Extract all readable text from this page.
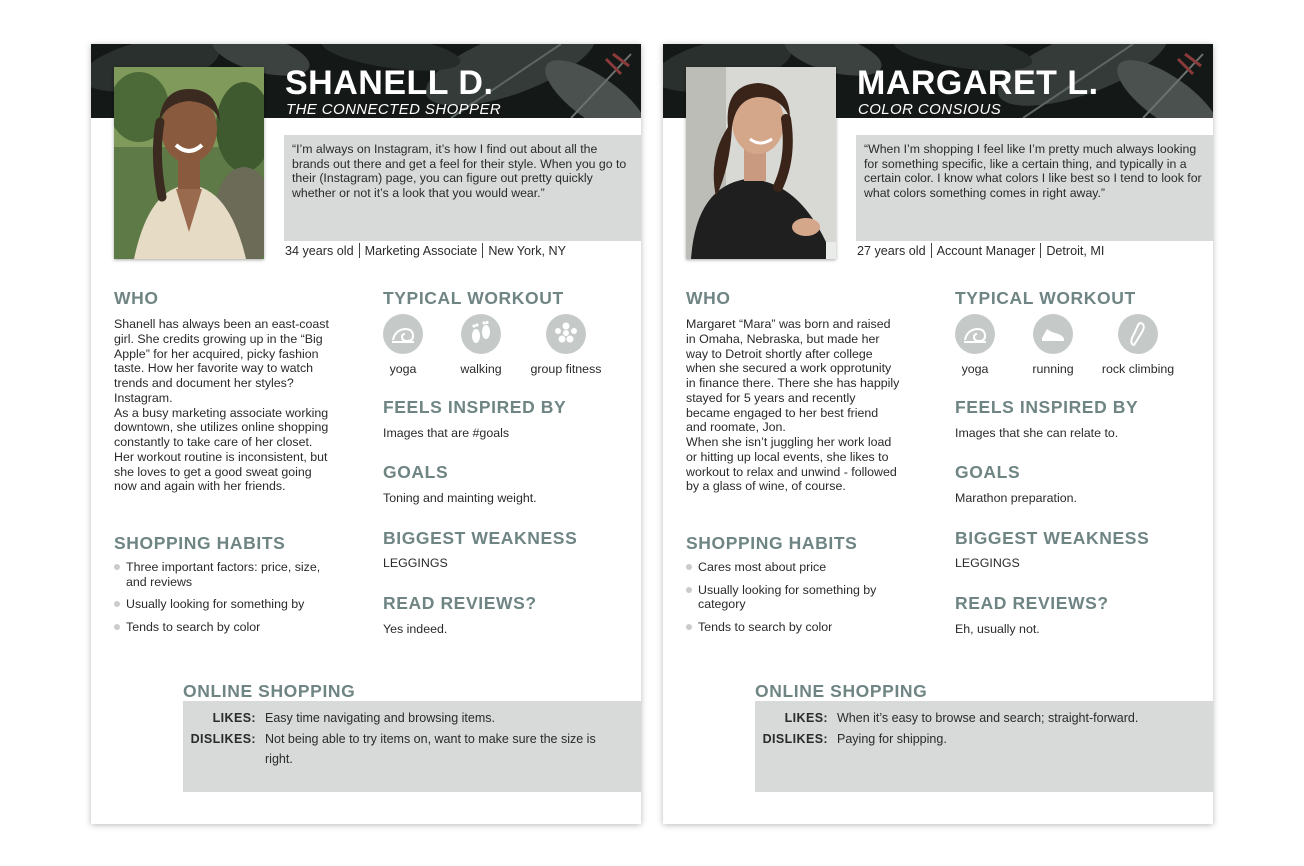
SHANELL D.
THE CONNECTED SHOPPER
“I’m always on Instagram, it’s how I find out about all the brands out there and get a feel for their style. When you go to their (Instagram) page, you can figure out pretty quickly whether or not it’s a look that you would wear.”
34 years old Marketing Associate New York, NY
WHO
Shanell has always been an east-coast girl. She credits growing up in the “Big Apple” for her acquired, picky fashion taste. How her favorite way to watch trends and document her styles? Instagram.
As a busy marketing associate working downtown, she utilizes online shopping constantly to take care of her closet.
Her workout routine is inconsistent, but she loves to get a good sweat going now and again with her friends.
SHOPPING HABITS
Three important factors: price, size, and reviews
Usually looking for something by
Tends to search by color
TYPICAL WORKOUT
yoga	walking	group fitness
FEELS INSPIRED BY
Images that are #goals
GOALS
Toning and mainting weight.
BIGGEST WEAKNESS
LEGGINGS
READ REVIEWS?
Yes indeed.
ONLINE SHOPPING
LIKES: Easy time navigating and browsing items.
DISLIKES: Not being able to try items on, want to make sure the size is right.
MARGARET L.
COLOR CONSIOUS
“When I’m shopping I feel like I’m pretty much always looking for something specific, like a certain thing, and typically in a certain color. I know what colors I like best so I tend to look for what colors something comes in right away.”
27 years old Account Manager Detroit, MI
WHO
Margaret “Mara” was born and raised in Omaha, Nebraska, but made her way to Detroit shortly after college when she secured a work opprotunity in finance there. There she has happily stayed for 5 years and recently became engaged to her best friend and roomate, Jon.
When she isn’t juggling her work load or hitting up local events, she likes to workout to relax and unwind - followed by a glass of wine, of course.
SHOPPING HABITS
Cares most about price
Usually looking for something by category
Tends to search by color
TYPICAL WORKOUT
yoga	running	rock climbing
FEELS INSPIRED BY
Images that she can relate to.
GOALS
Marathon preparation.
BIGGEST WEAKNESS
LEGGINGS
READ REVIEWS?
Eh, usually not.
ONLINE SHOPPING
LIKES: When it’s easy to browse and search; straight-forward.
DISLIKES: Paying for shipping.
